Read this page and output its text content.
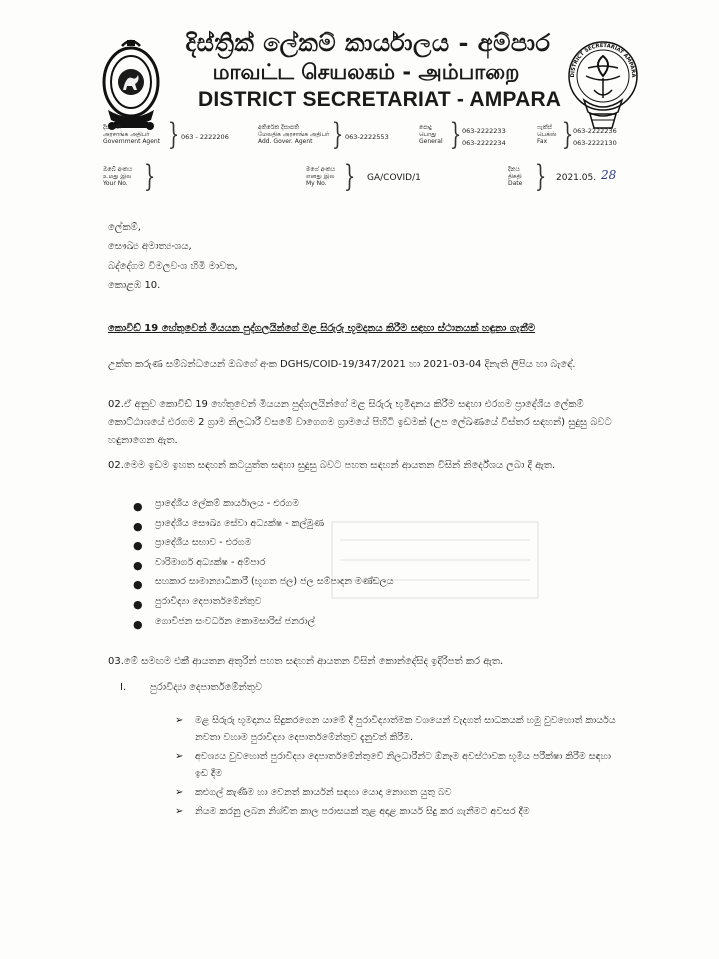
දිස්ත්‍රික් ලේකම් කාර්යාලය - අම්පාර
மாவட்ட செயலகம் - அம்பாறை
DISTRICT SECRETARIAT - AMPARA
DISTRICT SECRETARIAT AMPARA
දිසාපති
அரசாங்க அதிபர்
Government Agent } 063 - 2222206
අතිරේක දිසාපති
மேலதிக அரசாங்க அதிபர்
Add. Gover. Agent } 063-2222553
පොදු
பொது
General } 063-2222233
063-2222234
ෆැක්ස්
பெக்ஸ்
Fax } 063-2222236
063-2222130
ඔබේ අංකය
உமது இல
Your No. }	මගේ අංකය
எனது இல
My No. } GA/COVID/1
දිනය
திகதி
Date } 2021.05. 28
ලේකම්,
සෞඛ්‍ය අමාත්‍යංශය,
බද්දේගම විමලවංශ හිමි මාවත,
කොළඹ 10.
කොවිඩ් 19 හේතුවෙන් මියයන පුද්ගලයින්ගේ මළ සිරුරු භූමදානය කිරීම සඳහා ස්ථානයක් හඳුනා ගැනීම
උක්ත කරුණ සම්බන්ධයෙන් ඔබගේ අංක DGHS/COID-19/347/2021 හා 2021-03-04 දිනැති ලිපිය හා බැඳේ.
02.ඒ අනුව කොවිඩ් 19 හේතුවෙන් මියයන පුද්ගලයින්ගේ මළ සිරුරු භූමිදානය කිරීම සඳහා එරගම ප්‍රාදේශීය ලේකම් කොට්ඨාශයේ එරගම 2 ග්‍රාම නිලධාරී වසමේ වාගෙගම ග්‍රාමයේ පිහිටි ඉඩමක් (උප ලේඛණයේ විස්තර සඳහන්) සුදුසු බවට හඳුනාගෙන ඇත.
02.මෙම ඉඩම ඉහත සඳහන් කටයුත්ත සඳහා සුදුසු බවට පහත සඳහන් ආයතන විසින් නිර්දේශය ලබා දී ඇත.
● ප්‍රාදේශීය ලේකම් කාර්යාලය - එරගම
● ප්‍රාදේශීය සෞඛ්‍ය සේවා අධ්‍යක්ෂ - කල්මුණ
● ප්‍රාදේශීය සභාව - එරගම
● වාරිමාර්ග අධ්‍යක්ෂ - අම්පාර
● සහකාර සාමාන්‍යාධිකාරී (භූගත ජල) ජල සම්පාදන මණ්ඩලය
● පුරාවිද්‍යා දෙපාර්තමේන්තුව
● ගොවිජන සංවර්ධන කොමසාරිස් ජනරාල්
03.මේ සමඟම එකී ආයතන අතුරින් පහත සඳහන් ආයතන විසින් කොන්දේසිද ඉදිරිපත් කර ඇත.
I. පුරාවිද්‍යා දෙපාර්තමේන්තුව
➢ මළ සිරුරු භූමදානය සිදුකරගෙන යාමේ දී පුරාවිද්‍යාත්මක වශයෙන් වැදගත් සාධකයක් හමු වුවහොත් කාර්යය නවතා වහාම පුරාවිද්‍යා දෙපාර්තමේන්තුව දැනුවත් කිරීම.
➢ අවශ්‍යය වුවහොත් පුරාවිද්‍යා දෙපාර්තමේන්තුවේ නිලධාරීන්ට ඕනෑම අවස්ථාවක භූමිය පරීක්ෂා කිරීම සඳහා ඉඩ දීම
➢ කළුගල් කැණීම හා වෙනත් කාර්යන් සඳහා යොදා නොගත යුතු බව
➢ නියම කරනු ලබන නිශ්චිත කාල පරාසයක් තුළ අදාළ කාර්ය සිදු කර ගැනීමට අවසර දීම
